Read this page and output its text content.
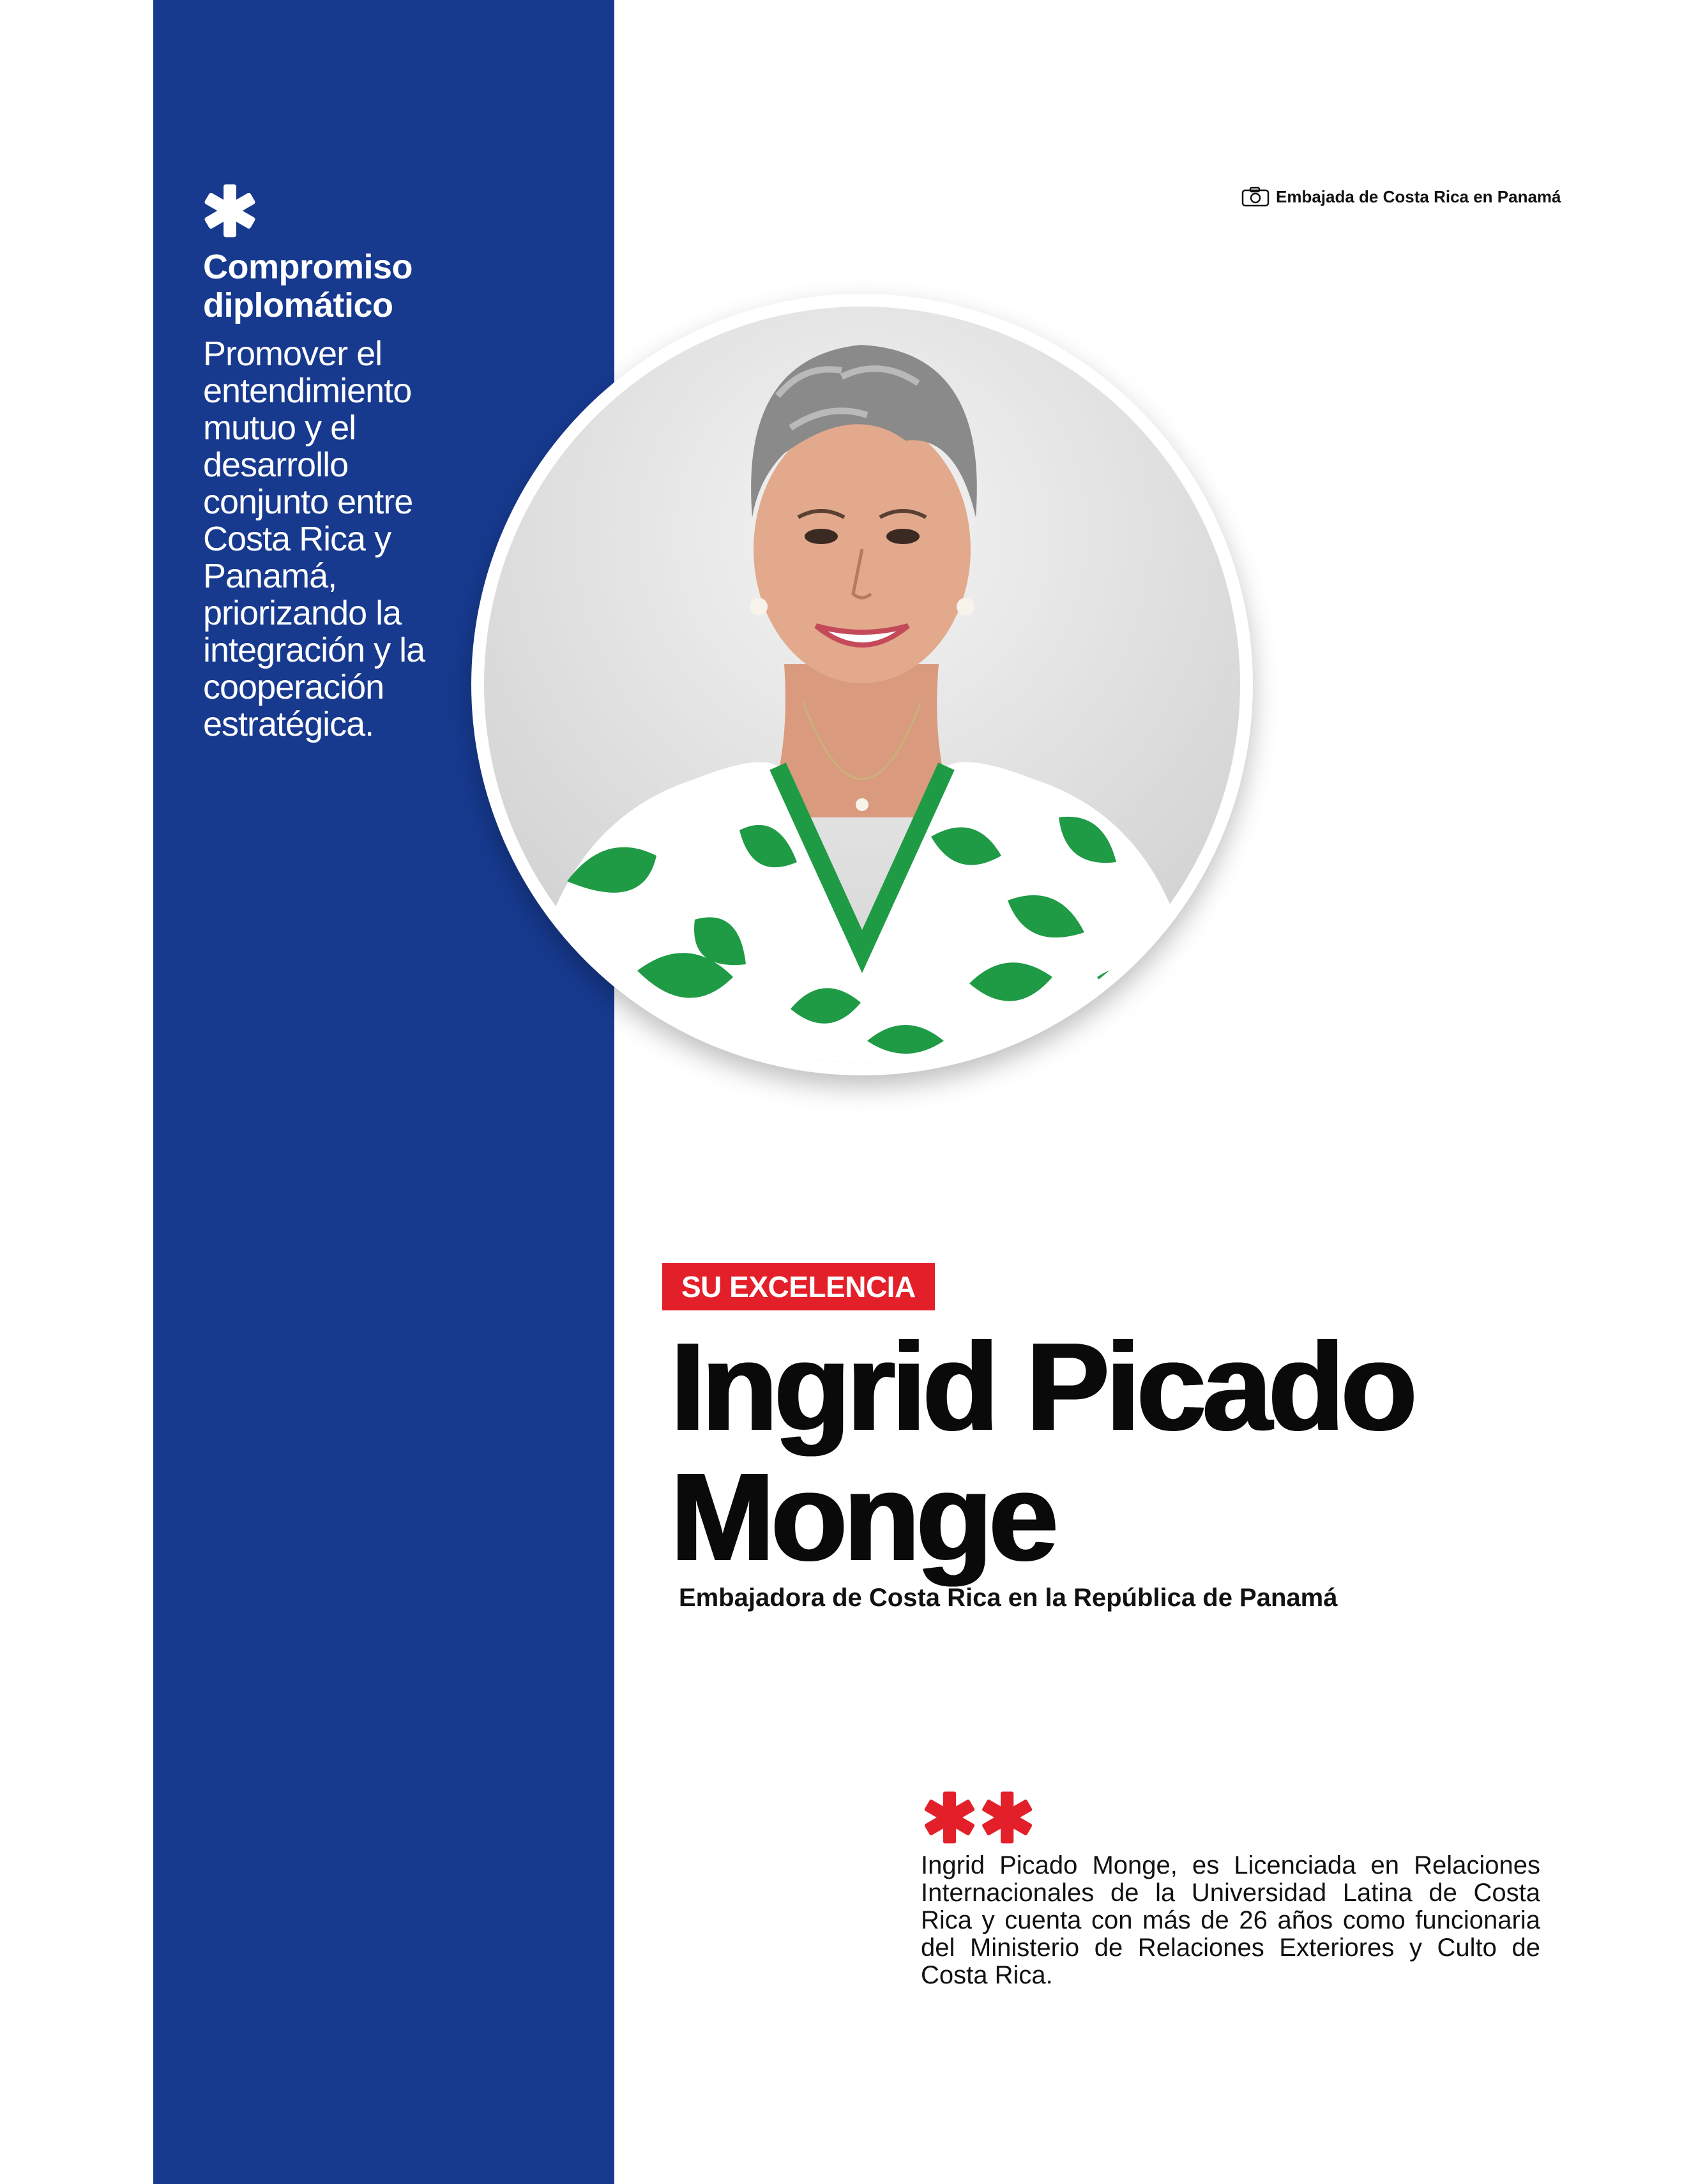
Compromiso
diplomático

Promover el entendimiento mutuo y el desarrollo conjunto entre Costa Rica y Panamá, priorizando la integración y la cooperación estratégica.

Embajada de Costa Rica en Panamá
SU EXCELENCIA
Ingrid Picado
Monge

Embajadora de Costa Rica en la República de Panamá

Ingrid Picado Monge, es Licenciada en Relaciones Internacionales de la Universidad Latina de Costa Rica y cuenta con más de 26 años como funcionaria del Ministerio de Relaciones Exteriores y Culto de Costa Rica.
